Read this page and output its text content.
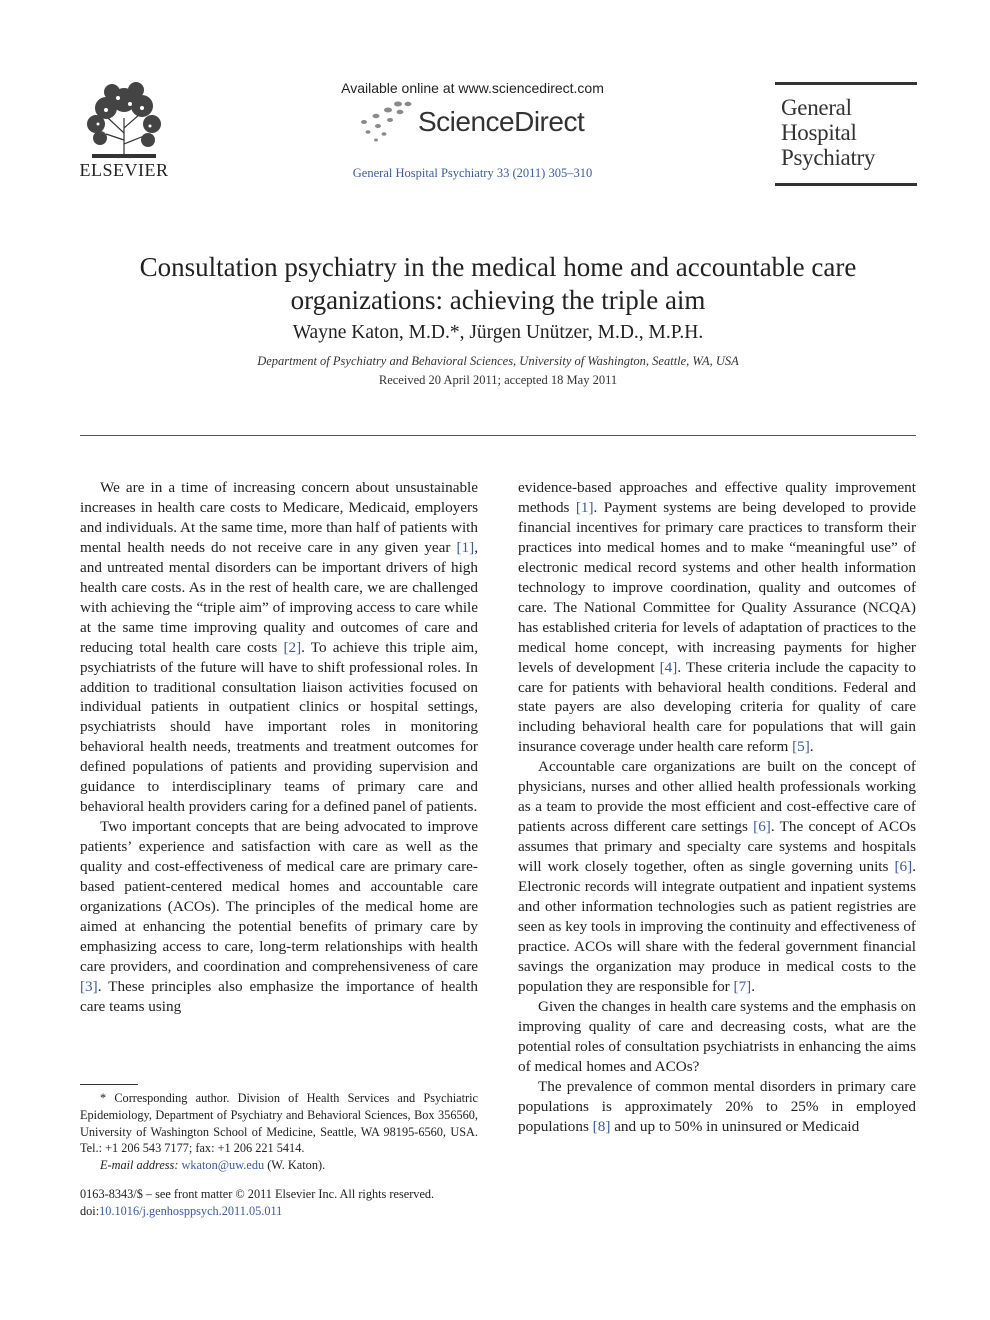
ELSEVIER
Available online at www.sciencedirect.com
ScienceDirect
General Hospital Psychiatry 33 (2011) 305–310
General
Hospital
Psychiatry
Consultation psychiatry in the medical home and accountable care organizations: achieving the triple aim
Wayne Katon, M.D.*, Jürgen Unützer, M.D., M.P.H.
Department of Psychiatry and Behavioral Sciences, University of Washington, Seattle, WA, USA
Received 20 April 2011; accepted 18 May 2011

We are in a time of increasing concern about unsustainable increases in health care costs to Medicare, Medicaid, employers and individuals. At the same time, more than half of patients with mental health needs do not receive care in any given year [1], and untreated mental disorders can be important drivers of high health care costs. As in the rest of health care, we are challenged with achieving the “triple aim” of improving access to care while at the same time improving quality and outcomes of care and reducing total health care costs [2]. To achieve this triple aim, psychiatrists of the future will have to shift professional roles. In addition to traditional consultation liaison activities focused on individual patients in outpatient clinics or hospital settings, psychiatrists should have important roles in monitoring behavioral health needs, treatments and treatment outcomes for defined populations of patients and providing supervision and guidance to interdisciplinary teams of primary care and behavioral health providers caring for a defined panel of patients.

Two important concepts that are being advocated to improve patients’ experience and satisfaction with care as well as the quality and cost-effectiveness of medical care are primary care-based patient-centered medical homes and accountable care organizations (ACOs). The principles of the medical home are aimed at enhancing the potential benefits of primary care by emphasizing access to care, long-term relationships with health care providers, and coordination and comprehensiveness of care [3]. These principles also emphasize the importance of health care teams using

evidence-based approaches and effective quality improvement methods [1]. Payment systems are being developed to provide financial incentives for primary care practices to transform their practices into medical homes and to make “meaningful use” of electronic medical record systems and other health information technology to improve coordination, quality and outcomes of care. The National Committee for Quality Assurance (NCQA) has established criteria for levels of adaptation of practices to the medical home concept, with increasing payments for higher levels of development [4]. These criteria include the capacity to care for patients with behavioral health conditions. Federal and state payers are also developing criteria for quality of care including behavioral health care for populations that will gain insurance coverage under health care reform [5].

Accountable care organizations are built on the concept of physicians, nurses and other allied health professionals working as a team to provide the most efficient and cost-effective care of patients across different care settings [6]. The concept of ACOs assumes that primary and specialty care systems and hospitals will work closely together, often as single governing units [6]. Electronic records will integrate outpatient and inpatient systems and other information technologies such as patient registries are seen as key tools in improving the continuity and effectiveness of practice. ACOs will share with the federal government financial savings the organization may produce in medical costs to the population they are responsible for [7].

Given the changes in health care systems and the emphasis on improving quality of care and decreasing costs, what are the potential roles of consultation psychiatrists in enhancing the aims of medical homes and ACOs?

The prevalence of common mental disorders in primary care populations is approximately 20% to 25% in employed populations [8] and up to 50% in uninsured or Medicaid

* Corresponding author. Division of Health Services and Psychiatric Epidemiology, Department of Psychiatry and Behavioral Sciences, Box 356560, University of Washington School of Medicine, Seattle, WA 98195-6560, USA. Tel.: +1 206 543 7177; fax: +1 206 221 5414.

E-mail address: wkaton@uw.edu (W. Katon).

0163-8343/$ – see front matter © 2011 Elsevier Inc. All rights reserved.

doi:10.1016/j.genhosppsych.2011.05.011
